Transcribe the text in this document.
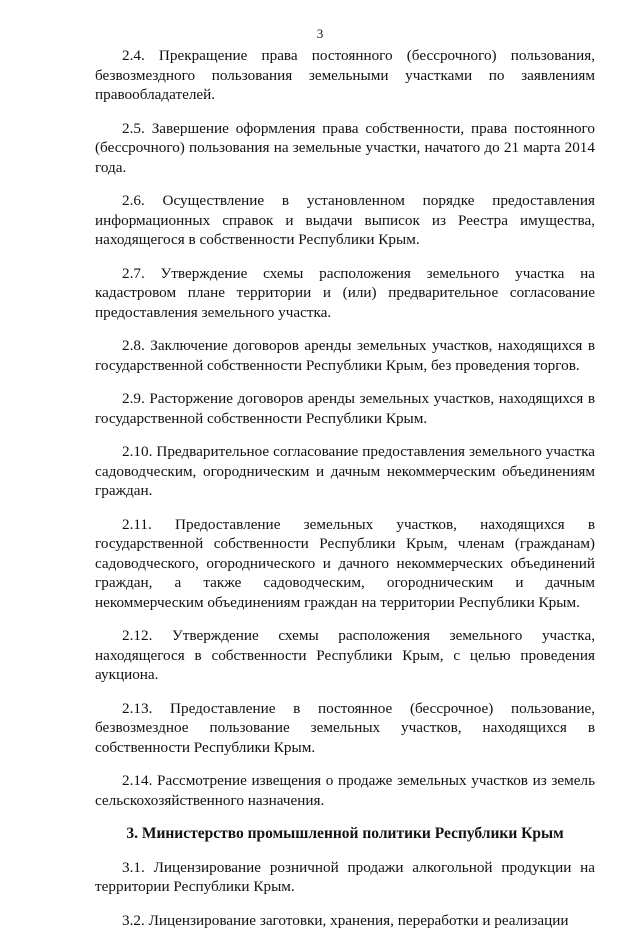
3

2.4. Прекращение права постоянного (бессрочного) пользования, безвозмездного пользования земельными участками по заявлениям правообладателей.

2.5. Завершение оформления права собственности, права постоянного (бессрочного) пользования на земельные участки, начатого до 21 марта 2014 года.

2.6. Осуществление в установленном порядке предоставления информационных справок и выдачи выписок из Реестра имущества, находящегося в собственности Республики Крым.

2.7. Утверждение схемы расположения земельного участка на кадастровом плане территории и (или) предварительное согласование предоставления земельного участка.

2.8. Заключение договоров аренды земельных участков, находящихся в государственной собственности Республики Крым, без проведения торгов.

2.9. Расторжение договоров аренды земельных участков, находящихся в государственной собственности Республики Крым.

2.10. Предварительное согласование предоставления земельного участка садоводческим, огородническим и дачным некоммерческим объединениям граждан.

2.11. Предоставление земельных участков, находящихся в государственной собственности Республики Крым, членам (гражданам) садоводческого, огороднического и дачного некоммерческих объединений граждан, а также садоводческим, огородническим и дачным некоммерческим объединениям граждан на территории Республики Крым.

2.12. Утверждение схемы расположения земельного участка, находящегося в собственности Республики Крым, с целью проведения аукциона.

2.13. Предоставление в постоянное (бессрочное) пользование, безвозмездное пользование земельных участков, находящихся в собственности Республики Крым.

2.14. Рассмотрение извещения о продаже земельных участков из земель сельскохозяйственного назначения.

3. Министерство промышленной политики Республики Крым

3.1. Лицензирование розничной продажи алкогольной продукции на территории Республики Крым.

3.2. Лицензирование заготовки, хранения, переработки и реализации
